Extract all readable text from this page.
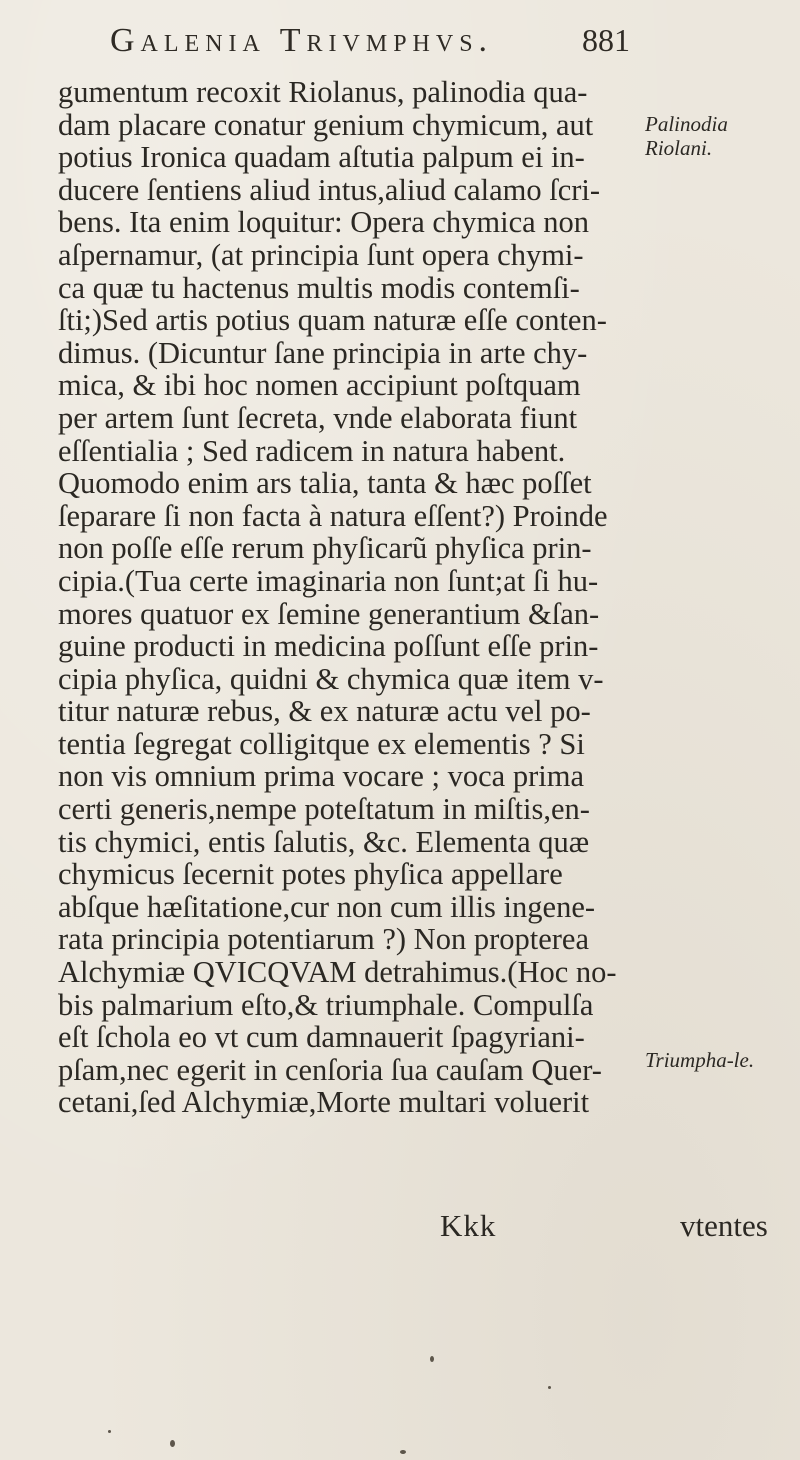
Galenia Trivmphvs.	881
gumentum recoxit Riolanus, palinodia qua-
dam placare conatur genium chymicum, aut
potius Ironica quadam aſtutia palpum ei in-
ducere ſentiens aliud intus,aliud calamo ſcri-
bens. Ita enim loquitur: Opera chymica non
aſpernamur, (at principia ſunt opera chymi-
ca quæ tu hactenus multis modis contemſi-
ſti;)Sed artis potius quam naturæ eſſe conten-
dimus. (Dicuntur ſane principia in arte chy-
mica, & ibi hoc nomen accipiunt poſtquam
per artem ſunt ſecreta, vnde elaborata fiunt
eſſentialia ; Sed radicem in natura habent.
Quomodo enim ars talia, tanta & hæc poſſet
ſeparare ſi non facta à natura eſſent?) Proinde
non poſſe eſſe rerum phyſicarũ phyſica prin-
cipia.(Tua certe imaginaria non ſunt;at ſi hu-
mores quatuor ex ſemine generantium &ſan-
guine producti in medicina poſſunt eſſe prin-
cipia phyſica, quidni & chymica quæ item v-
titur naturæ rebus, & ex naturæ actu vel po-
tentia ſegregat colligitque ex elementis ? Si
non vis omnium prima vocare ; voca prima
certi generis,nempe poteſtatum in miſtis,en-
tis chymici, entis ſalutis, &c. Elementa quæ
chymicus ſecernit potes phyſica appellare
abſque hæſitatione,cur non cum illis ingene-
rata principia potentiarum ?) Non propterea
Alchymiæ QVICQVAM detrahimus.(Hoc no-
bis palmarium eſto,& triumphale. Compulſa
eſt ſchola eo vt cum damnauerit ſpagyriani-
pſam,nec egerit in cenſoria ſua cauſam Quer-
cetani,ſed Alchymiæ,Morte multari voluerit
Palinodia Riolani.
Triumpha-le.
Kkk	vtentes
